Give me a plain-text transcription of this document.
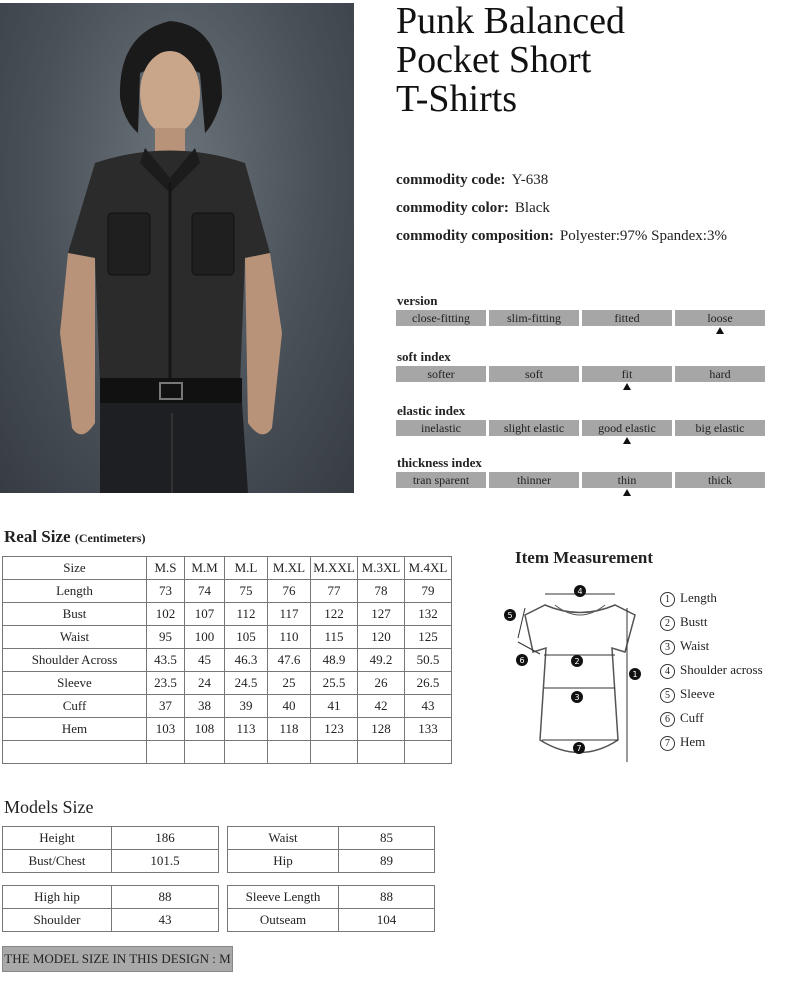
Punk Balanced
Pocket Short
T-Shirts
commodity code: Y-638
commodity color: Black
commodity composition: Polyester:97% Spandex:3%
version
close-fitting	slim-fitting	fitted	loose
soft index
softer	soft	fit	hard
elastic index
inelastic	slight elastic	good elastic	big elastic
thickness index
tran sparent	thinner	thin	thick
Real Size (Centimeters)
Size	M.S	M.M	M.L	M.XL	M.XXL	M.3XL	M.4XL
Length	73	74	75	76	77	78	79
Bust	102	107	112	117	122	127	132
Waist	95	100	105	110	115	120	125
Shoulder Across	43.5	45	46.3	47.6	48.9	49.2	50.5
Sleeve	23.5	24	24.5	25	25.5	26	26.5
Cuff	37	38	39	40	41	42	43
Hem	103	108	113	118	123	128	133

Item Measurement
4
2
3
7
1
5
6
1 Length
2 Bustt
3 Waist
4 Shoulder across
5 Sleeve
6 Cuff
7 Hem
Models Size
Height	186
Bust/Chest	101.5
Waist	85
Hip	89
High hip	88
Shoulder	43
Sleeve Length	88
Outseam	104
THE MODEL SIZE IN THIS DESIGN : M
